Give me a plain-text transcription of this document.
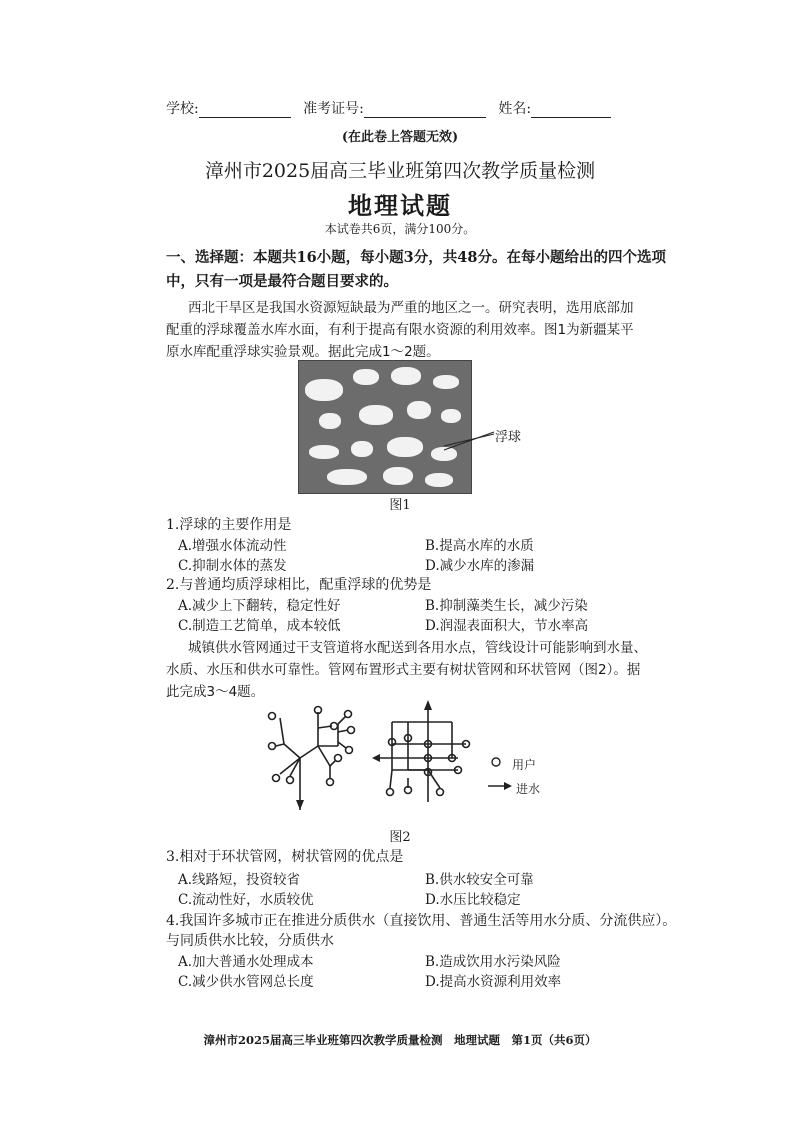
学校:	准考证号:	姓名:
(在此卷上答题无效)
漳州市2025届高三毕业班第四次教学质量检测
地理试题
本试卷共6页，满分100分。
一、选择题：本题共16小题，每小题3分，共48分。在每小题给出的四个选项
中，只有一项是最符合题目要求的。
西北干旱区是我国水资源短缺最为严重的地区之一。研究表明，选用底部加
配重的浮球覆盖水库水面，有利于提高有限水资源的利用效率。图1为新疆某平
原水库配重浮球实验景观。据此完成1～2题。
浮球
图1
1.浮球的主要作用是
A.增强水体流动性	B.提高水库的水质
C.抑制水体的蒸发	D.减少水库的渗漏
2.与普通均质浮球相比，配重浮球的优势是
A.减少上下翻转，稳定性好	B.抑制藻类生长，减少污染
C.制造工艺简单，成本较低	D.润湿表面积大，节水率高
城镇供水管网通过干支管道将水配送到各用水点，管线设计可能影响到水量、
水质、水压和供水可靠性。管网布置形式主要有树状管网和环状管网（图2）。据
此完成3～4题。
用户
进水
图2
3.相对于环状管网，树状管网的优点是
A.线路短，投资较省	B.供水较安全可靠
C.流动性好，水质较优	D.水压比较稳定
4.我国许多城市正在推进分质供水（直接饮用、普通生活等用水分质、分流供应）。
与同质供水比较，分质供水
A.加大普通水处理成本	B.造成饮用水污染风险
C.减少供水管网总长度	D.提高水资源利用效率
漳州市2025届高三毕业班第四次教学质量检测　地理试题　第1页（共6页）
